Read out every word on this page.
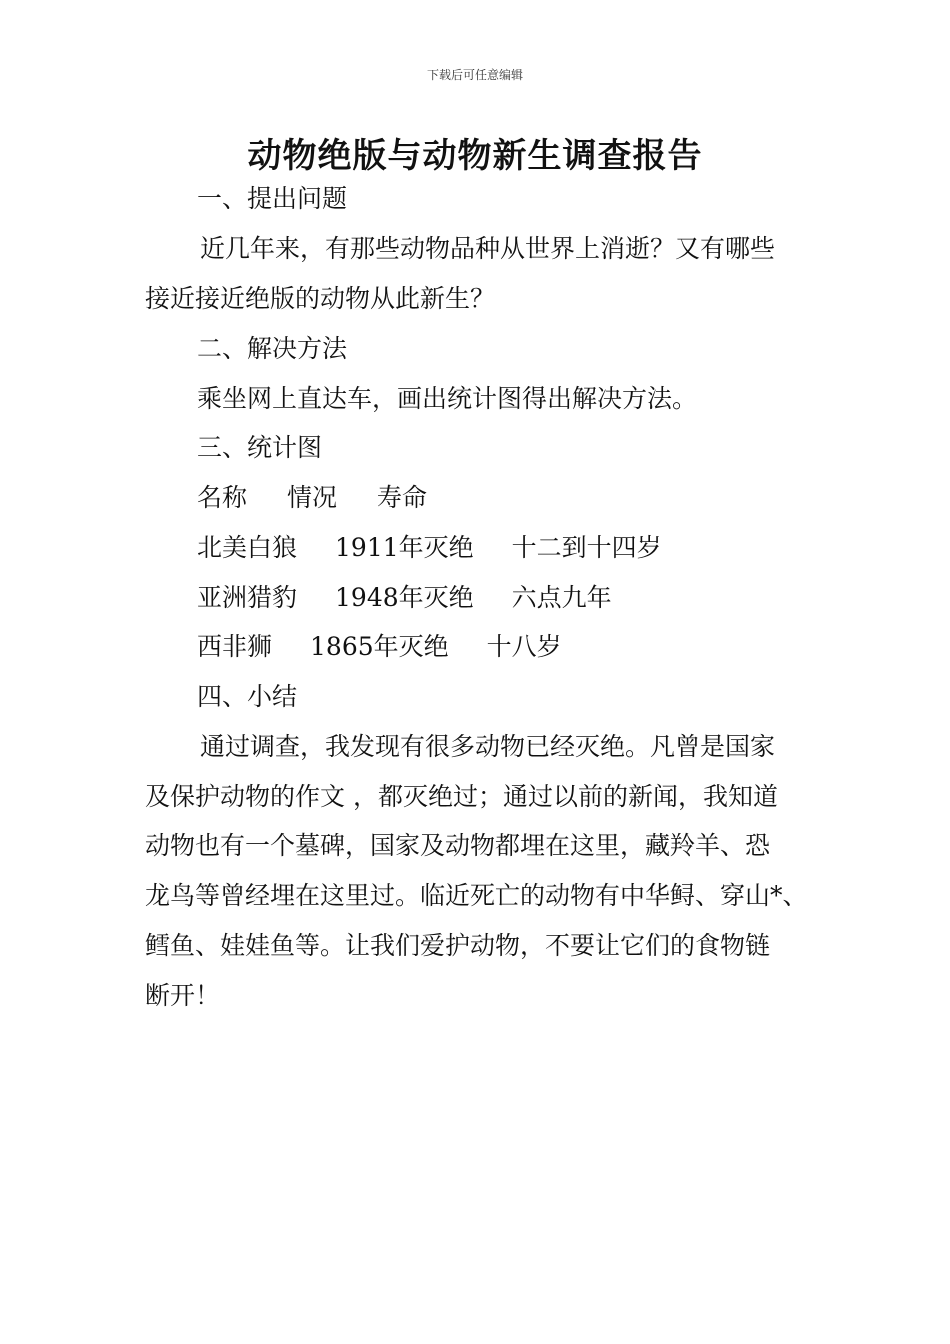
下载后可任意编辑
动物绝版与动物新生调查报告
一、提出问题
近几年来，有那些动物品种从世界上消逝？又有哪些
接近接近绝版的动物从此新生？
二、解决方法
乘坐网上直达车，画出统计图得出解决方法。
三、统计图
名称 情况 寿命
北美白狼 1911年灭绝 十二到十四岁
亚洲猎豹 1948年灭绝 六点九年
西非狮 1865年灭绝 十八岁
四、小结
通过调查，我发现有很多动物已经灭绝。凡曾是国家
及保护动物的作文 ，都灭绝过；通过以前的新闻，我知道
动物也有一个墓碑，国家及动物都埋在这里，藏羚羊、恐
龙鸟等曾经埋在这里过。临近死亡的动物有中华鲟、穿山*、
鳕鱼、娃娃鱼等。让我们爱护动物，不要让它们的食物链
断开！
